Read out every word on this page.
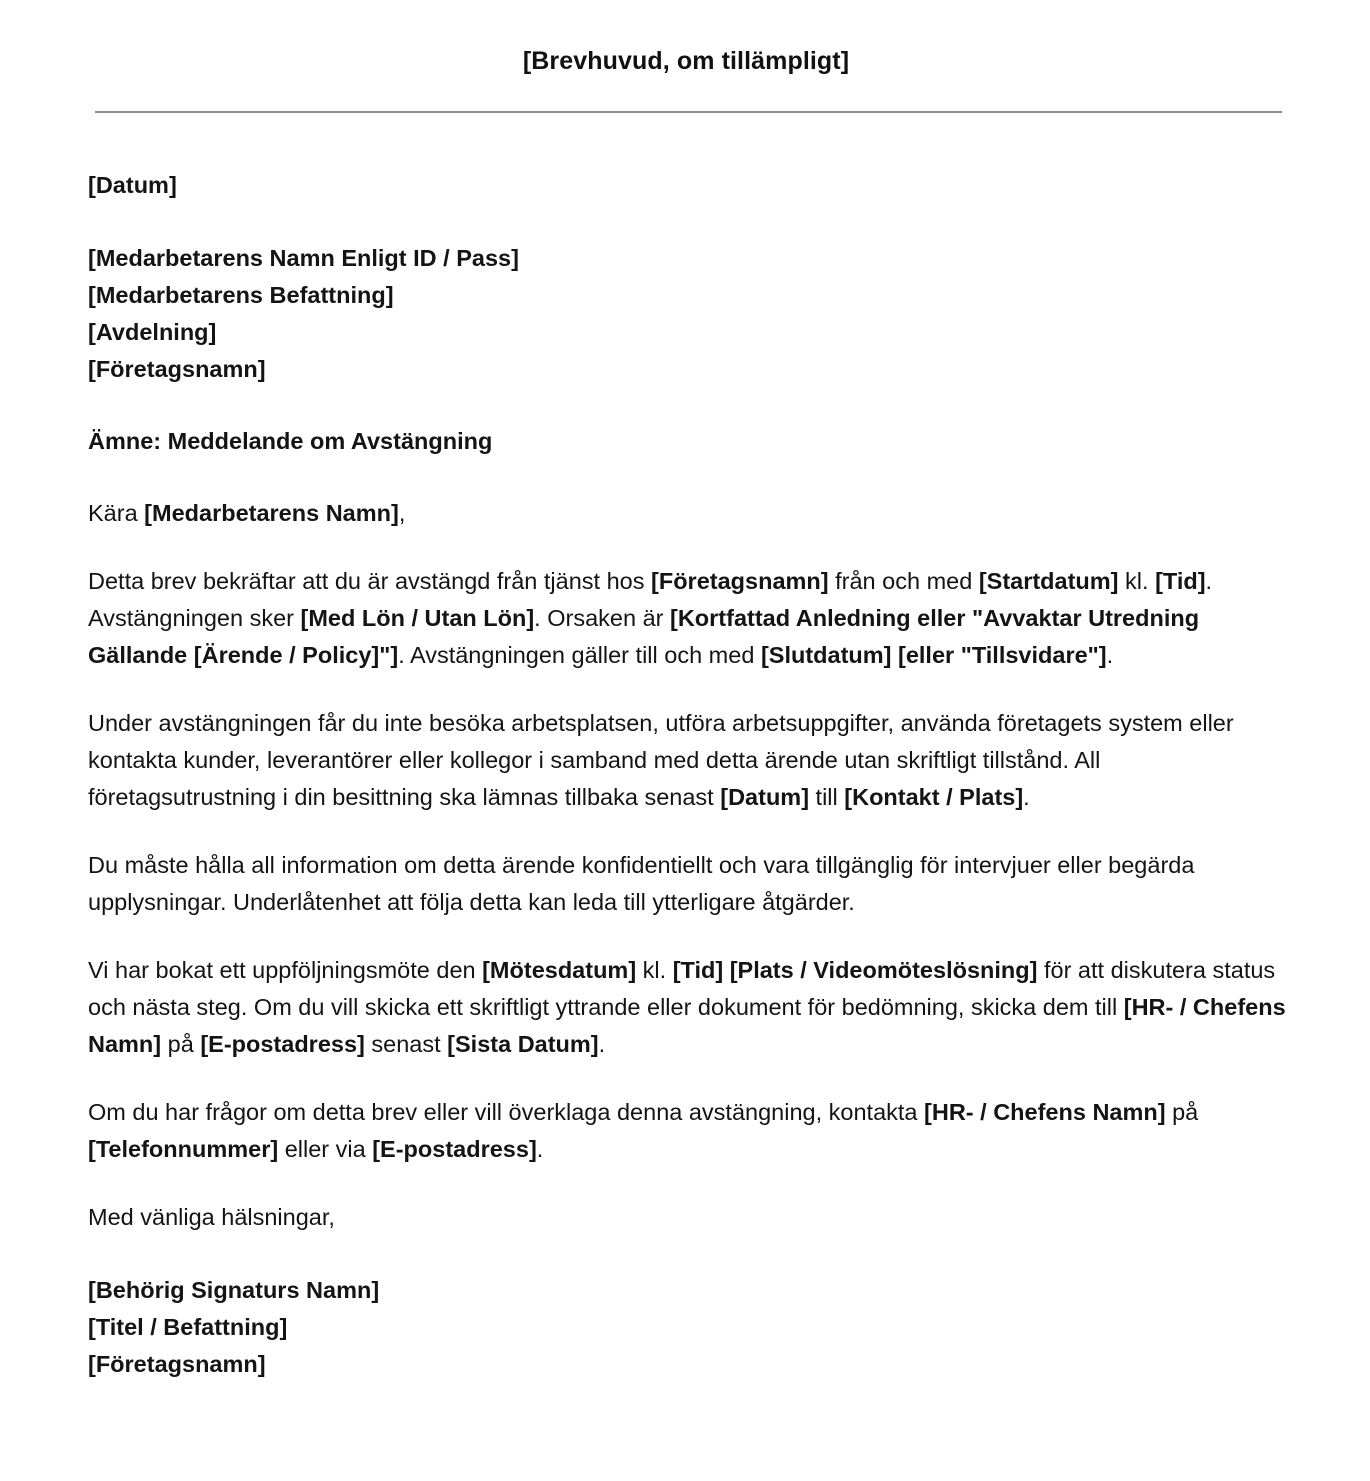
[Brevhuvud, om tillämpligt]
[Datum]
[Medarbetarens Namn Enligt ID / Pass]
[Medarbetarens Befattning]
[Avdelning]
[Företagsnamn]
Ämne: Meddelande om Avstängning
Kära [Medarbetarens Namn],

Detta brev bekräftar att du är avstängd från tjänst hos [Företagsnamn] från och med [Startdatum] kl. [Tid]. Avstängningen sker [Med Lön / Utan Lön]. Orsaken är [Kortfattad Anledning eller "Avvaktar Utredning Gällande [Ärende / Policy]"]. Avstängningen gäller till och med [Slutdatum] [eller "Tillsvidare"].

Under avstängningen får du inte besöka arbetsplatsen, utföra arbetsuppgifter, använda företagets system eller kontakta kunder, leverantörer eller kollegor i samband med detta ärende utan skriftligt tillstånd. All företagsutrustning i din besittning ska lämnas tillbaka senast [Datum] till [Kontakt / Plats].

Du måste hålla all information om detta ärende konfidentiellt och vara tillgänglig för intervjuer eller begärda upplysningar. Underlåtenhet att följa detta kan leda till ytterligare åtgärder.

Vi har bokat ett uppföljningsmöte den [Mötesdatum] kl. [Tid] [Plats / Videomöteslösning] för att diskutera status och nästa steg. Om du vill skicka ett skriftligt yttrande eller dokument för bedömning, skicka dem till [HR- / Chefens Namn] på [E-postadress] senast [Sista Datum].

Om du har frågor om detta brev eller vill överklaga denna avstängning, kontakta [HR- / Chefens Namn] på [Telefonnummer] eller via [E-postadress].

Med vänliga hälsningar,
[Behörig Signaturs Namn]
[Titel / Befattning]
[Företagsnamn]
